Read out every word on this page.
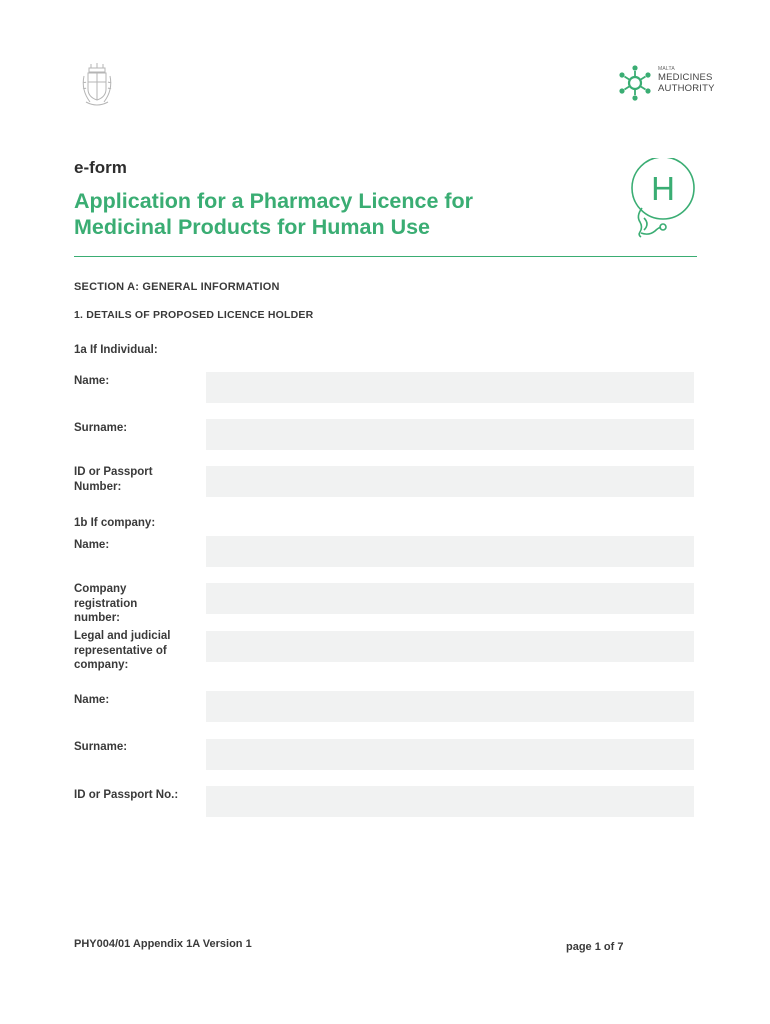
MALTA
MEDICINES
AUTHORITY
e-form
Application for a Pharmacy Licence for
Medicinal Products for Human Use
H
SECTION A: GENERAL INFORMATION
1. DETAILS OF PROPOSED LICENCE HOLDER
1a If Individual:
Name:
Surname:
ID or Passport Number:
1b If company:
Name:
Company registration number:
Legal and judicial representative of company:
Name:
Surname:
ID or Passport No.:
PHY004/01 Appendix 1A Version 1	page 1 of 7
